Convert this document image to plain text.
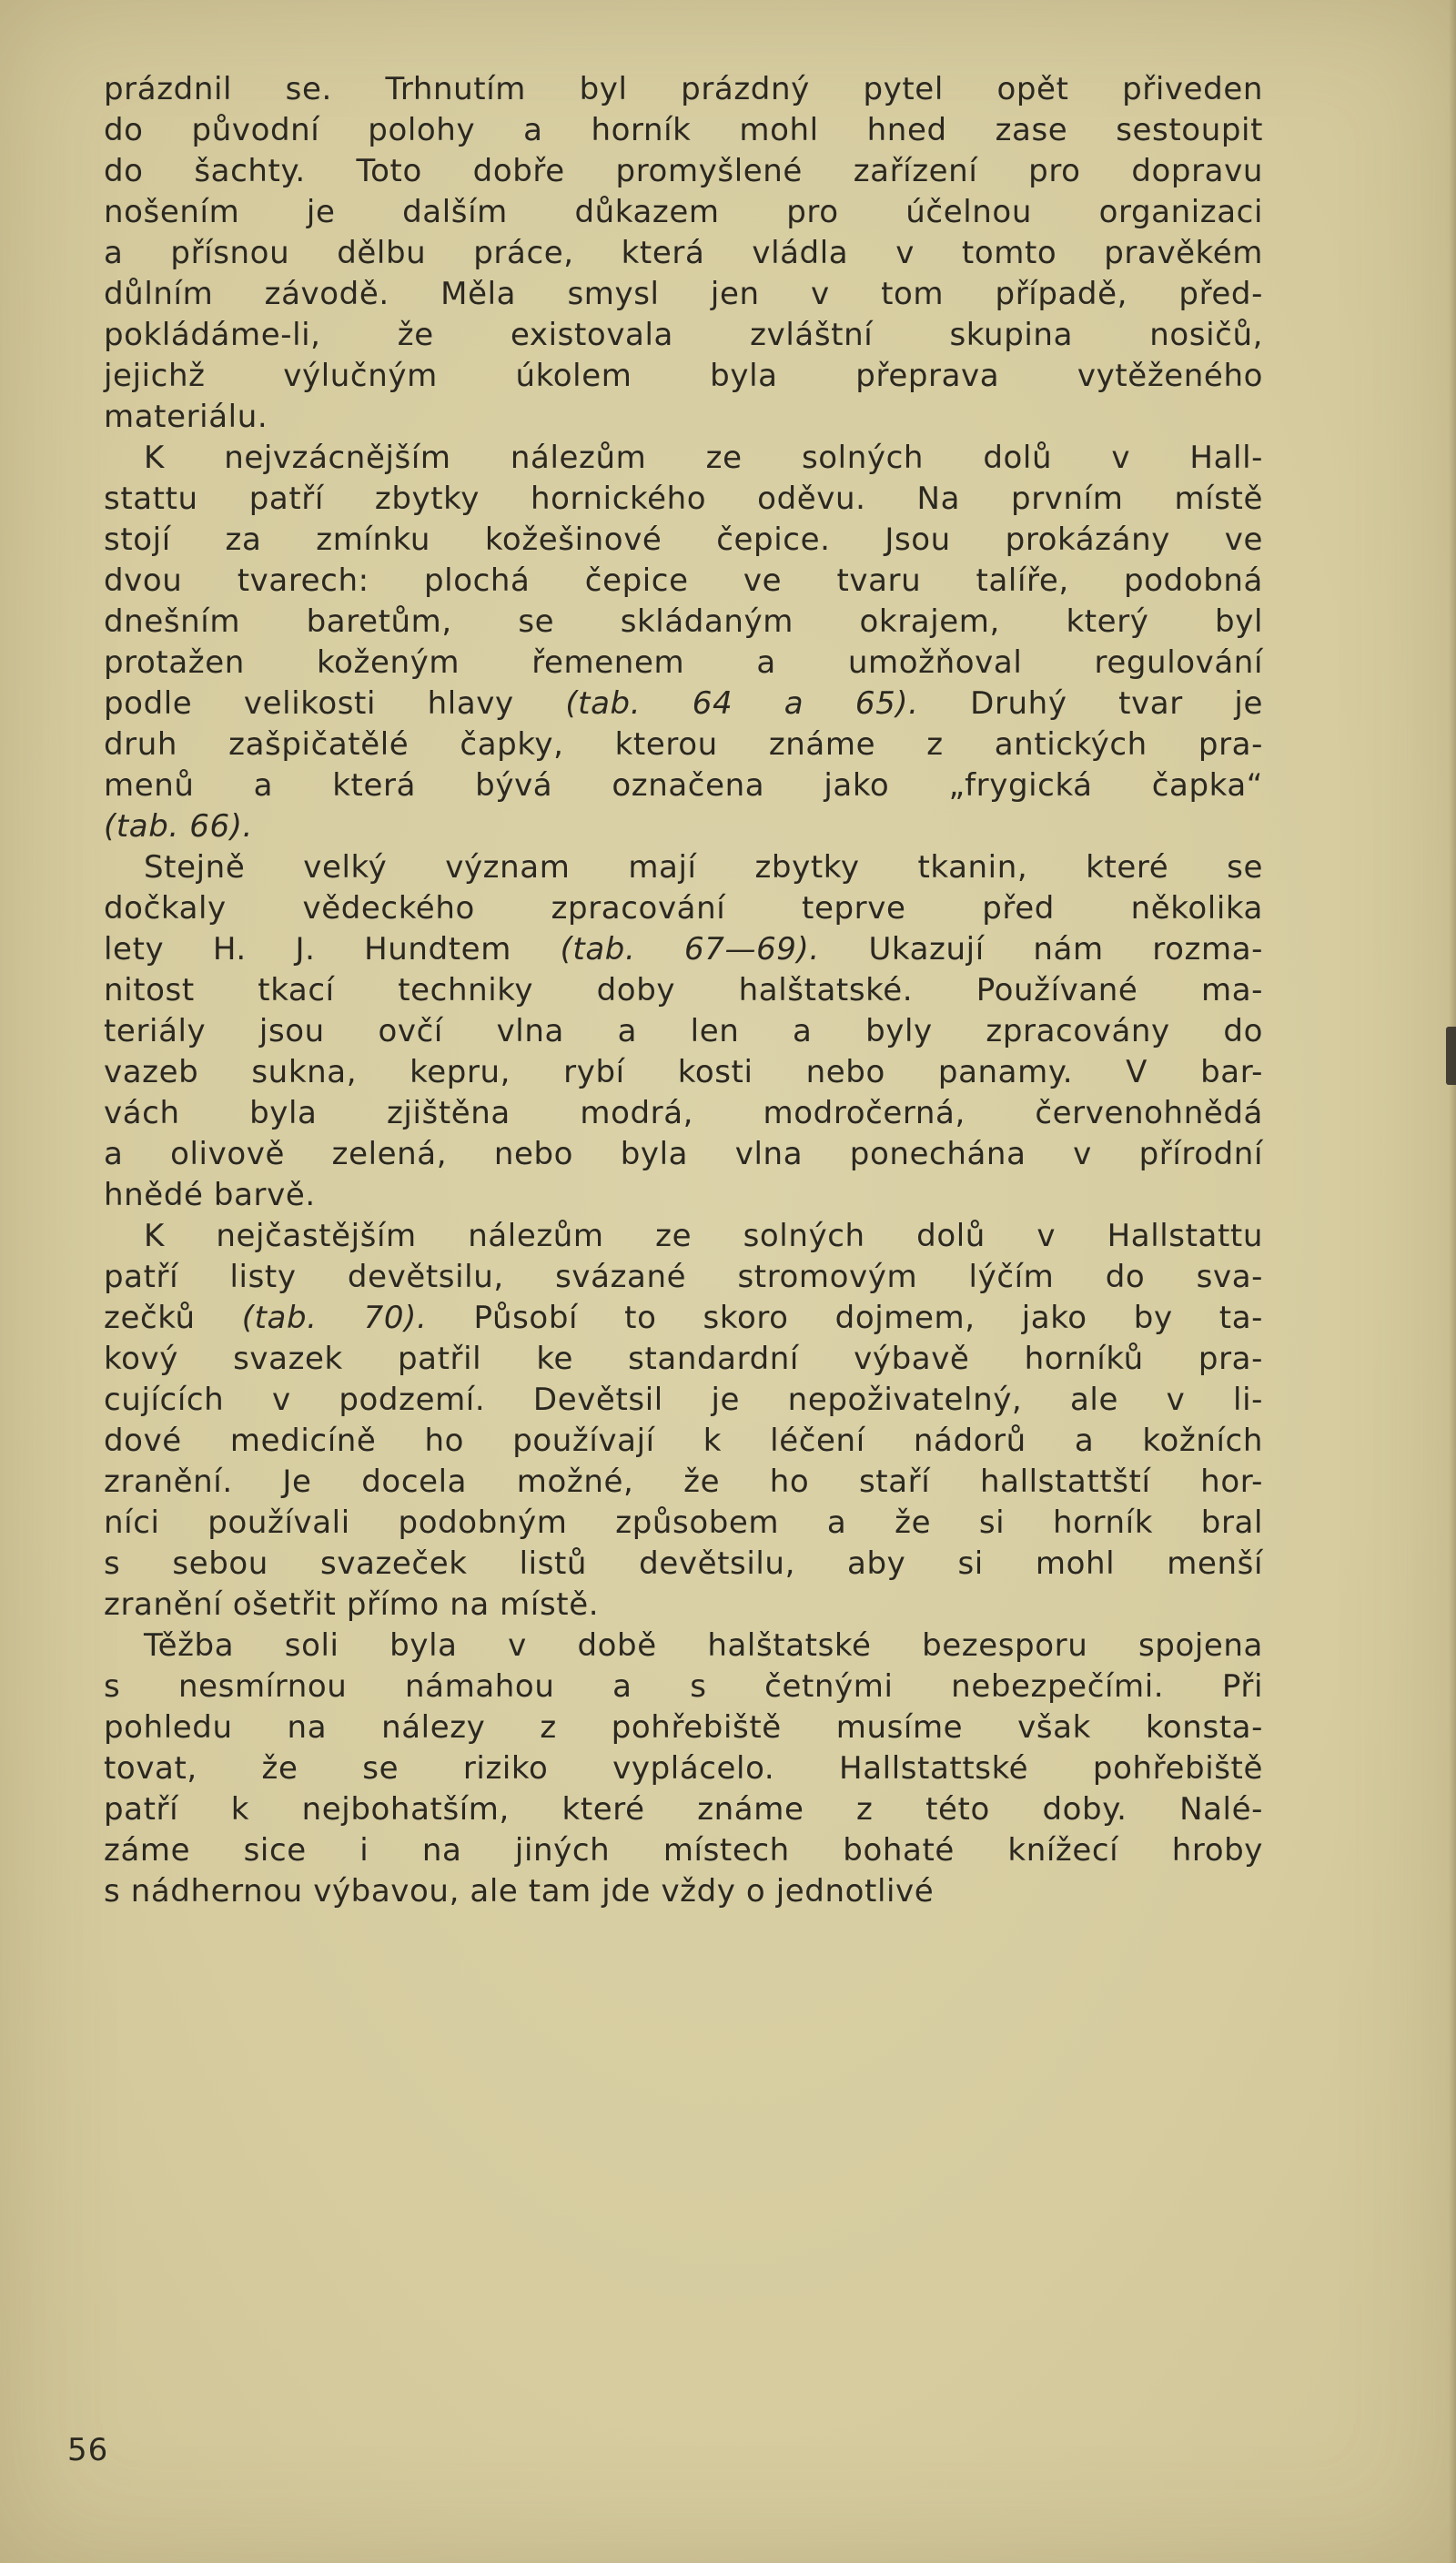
prázdnil se. Trhnutím byl prázdný pytel opět přiveden
do původní polohy a horník mohl hned zase sestoupit
do šachty. Toto dobře promyšlené zařízení pro dopravu
nošením je dalším důkazem pro účelnou organizaci
a přísnou dělbu práce, která vládla v tomto pravěkém
důlním závodě. Měla smysl jen v tom případě, před-
pokládáme-li, že existovala zvláštní skupina nosičů,
jejichž výlučným úkolem byla přeprava vytěženého
materiálu.
K nejvzácnějším nálezům ze solných dolů v Hall-
stattu patří zbytky hornického oděvu. Na prvním místě
stojí za zmínku kožešinové čepice. Jsou prokázány ve
dvou tvarech: plochá čepice ve tvaru talíře, podobná
dnešním baretům, se skládaným okrajem, který byl
protažen koženým řemenem a umožňoval regulování
podle velikosti hlavy (tab. 64 a 65). Druhý tvar je
druh zašpičatělé čapky, kterou známe z antických pra-
menů a která bývá označena jako „frygická čapka“
(tab. 66).
Stejně velký význam mají zbytky tkanin, které se
dočkaly vědeckého zpracování teprve před několika
lety H. J. Hundtem (tab. 67—69). Ukazují nám rozma-
nitost tkací techniky doby halštatské. Používané ma-
teriály jsou ovčí vlna a len a byly zpracovány do
vazeb sukna, kepru, rybí kosti nebo panamy. V bar-
vách byla zjištěna modrá, modročerná, červenohnědá
a olivově zelená, nebo byla vlna ponechána v přírodní
hnědé barvě.
K nejčastějším nálezům ze solných dolů v Hallstattu
patří listy devětsilu, svázané stromovým lýčím do sva-
zečků (tab. 70). Působí to skoro dojmem, jako by ta-
kový svazek patřil ke standardní výbavě horníků pra-
cujících v podzemí. Devětsil je nepoživatelný, ale v li-
dové medicíně ho používají k léčení nádorů a kožních
zranění. Je docela možné, že ho staří hallstattští hor-
níci používali podobným způsobem a že si horník bral
s sebou svazeček listů devětsilu, aby si mohl menší
zranění ošetřit přímo na místě.
Těžba soli byla v době halštatské bezesporu spojena
s nesmírnou námahou a s četnými nebezpečími. Při
pohledu na nálezy z pohřebiště musíme však konsta-
tovat, že se riziko vyplácelo. Hallstattské pohřebiště
patří k nejbohatším, které známe z této doby. Nalé-
záme sice i na jiných místech bohaté knížecí hroby
s nádhernou výbavou, ale tam jde vždy o jednotlivé
56
